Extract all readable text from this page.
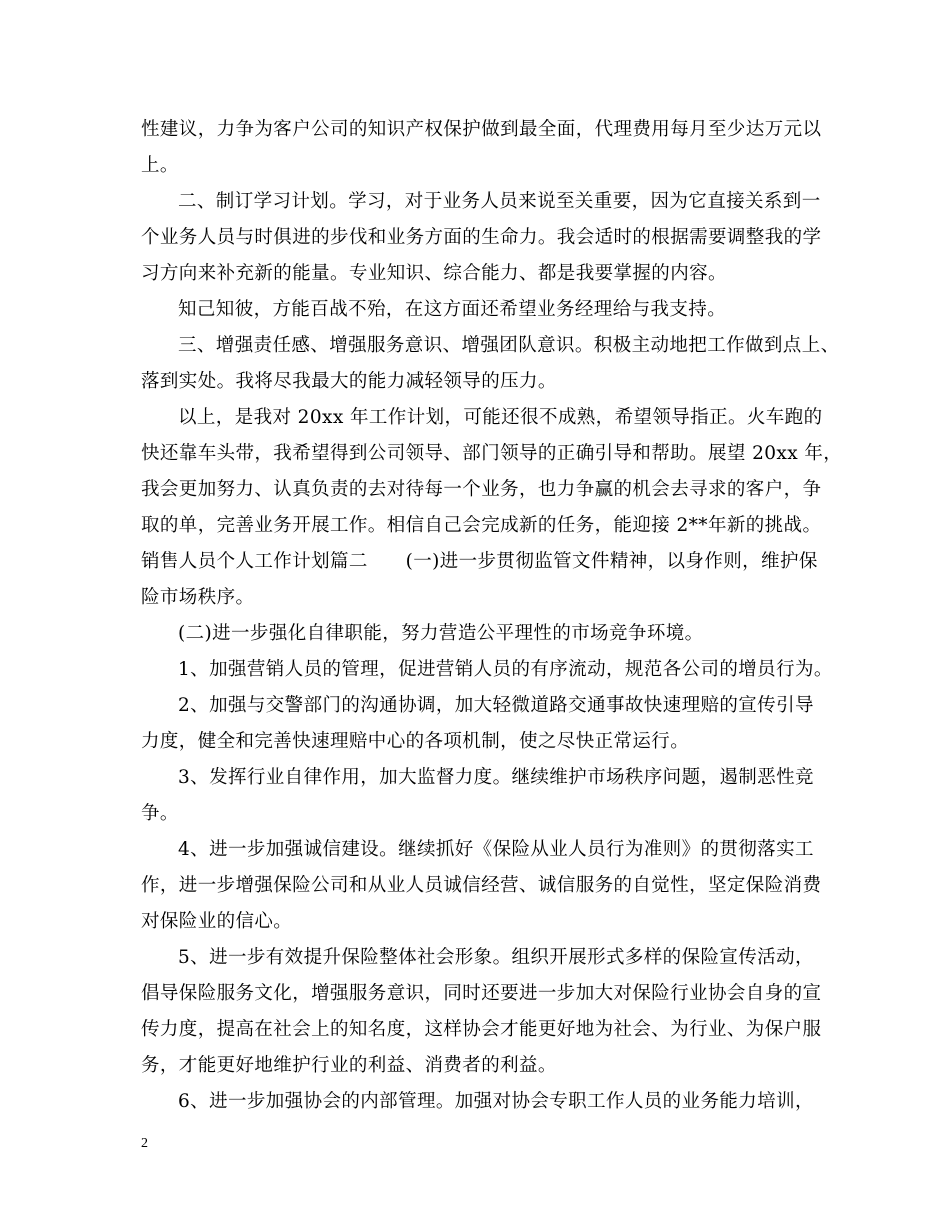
性建议，力争为客户公司的知识产权保护做到最全面，代理费用每月至少达万元以
上。
二、制订学习计划。学习，对于业务人员来说至关重要，因为它直接关系到一
个业务人员与时俱进的步伐和业务方面的生命力。我会适时的根据需要调整我的学
习方向来补充新的能量。专业知识、综合能力、都是我要掌握的内容。
知己知彼，方能百战不殆，在这方面还希望业务经理给与我支持。
三、增强责任感、增强服务意识、增强团队意识。积极主动地把工作做到点上、
落到实处。我将尽我最大的能力减轻领导的压力。
以上，是我对 20xx 年工作计划，可能还很不成熟，希望领导指正。火车跑的
快还靠车头带，我希望得到公司领导、部门领导的正确引导和帮助。展望 20xx 年，
我会更加努力、认真负责的去对待每一个业务，也力争赢的机会去寻求的客户，争
取的单，完善业务开展工作。相信自己会完成新的任务，能迎接 2**年新的挑战。
销售人员个人工作计划篇二　　(一)进一步贯彻监管文件精神，以身作则，维护保
险市场秩序。
(二)进一步强化自律职能，努力营造公平理性的市场竞争环境。
1、加强营销人员的管理，促进营销人员的有序流动，规范各公司的增员行为。
2、加强与交警部门的沟通协调，加大轻微道路交通事故快速理赔的宣传引导
力度，健全和完善快速理赔中心的各项机制，使之尽快正常运行。
3、发挥行业自律作用，加大监督力度。继续维护市场秩序问题，遏制恶性竞
争。
4、进一步加强诚信建设。继续抓好《保险从业人员行为准则》的贯彻落实工
作，进一步增强保险公司和从业人员诚信经营、诚信服务的自觉性，坚定保险消费
对保险业的信心。
5、进一步有效提升保险整体社会形象。组织开展形式多样的保险宣传活动，
倡导保险服务文化，增强服务意识，同时还要进一步加大对保险行业协会自身的宣
传力度，提高在社会上的知名度，这样协会才能更好地为社会、为行业、为保户服
务，才能更好地维护行业的利益、消费者的利益。
6、进一步加强协会的内部管理。加强对协会专职工作人员的业务能力培训，
2
